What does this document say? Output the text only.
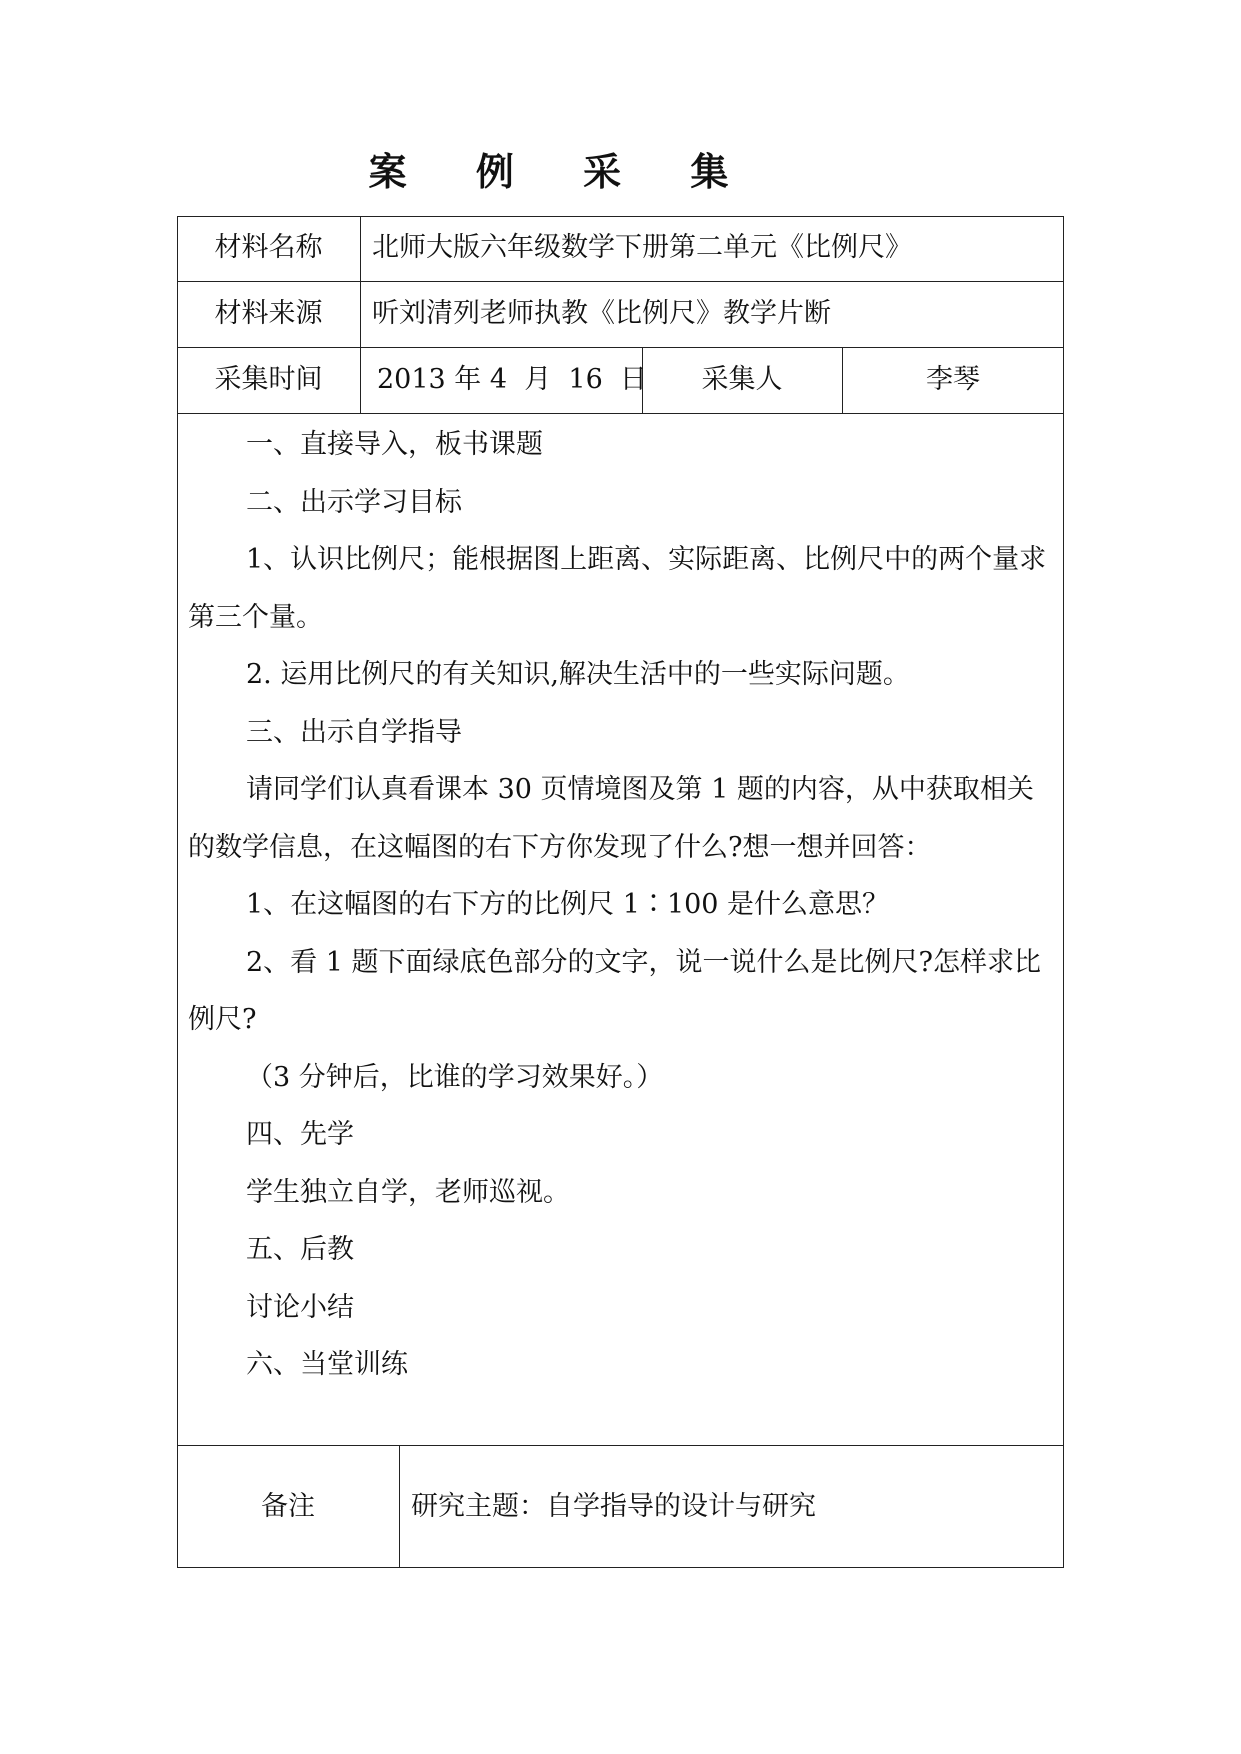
案 例 采 集
材料名称	北师大版六年级数学下册第二单元《比例尺》
材料来源	听刘清列老师执教《比例尺》教学片断
采集时间	2013 年 4  月  16  日	采集人	李琴

一、直接导入，板书课题

二、出示学习目标

1、认识比例尺；能根据图上距离、实际距离、比例尺中的两个量求第三个量。

2. 运用比例尺的有关知识,解决生活中的一些实际问题。

三、出示自学指导

请同学们认真看课本 30 页情境图及第 1 题的内容，从中获取相关的数学信息，在这幅图的右下方你发现了什么?想一想并回答：

1、在这幅图的右下方的比例尺 1∶100 是什么意思？

2、看 1 题下面绿底色部分的文字，说一说什么是比例尺?怎样求比例尺?

（3 分钟后，比谁的学习效果好。）

四、先学

学生独立自学，老师巡视。

五、后教

讨论小结

六、当堂训练

备注	研究主题：自学指导的设计与研究
